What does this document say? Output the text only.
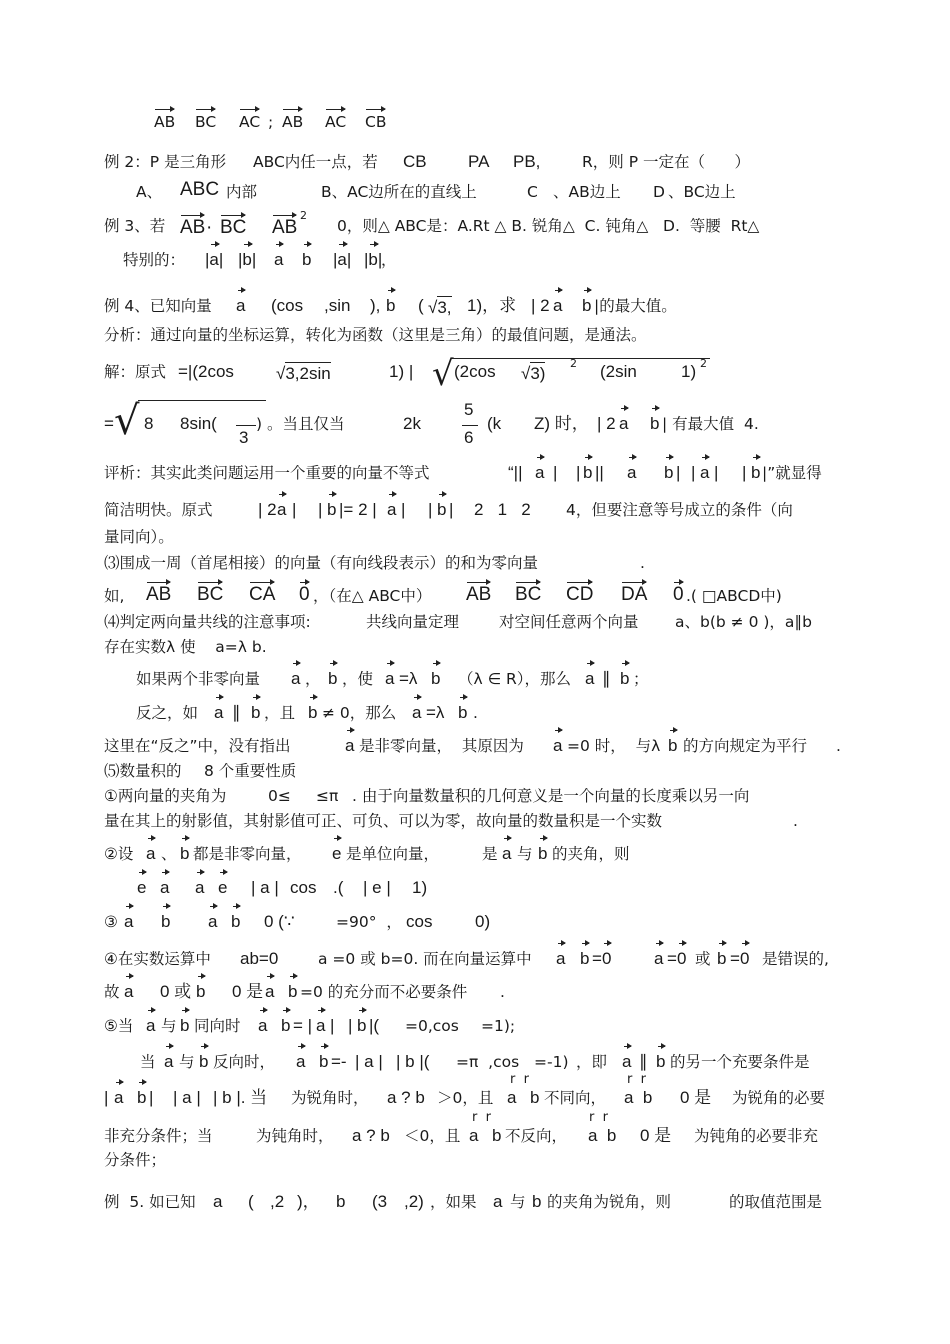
AB BC AC ; AB AC CB
例 2：P 是三角形 ABC内任一点，若 CB PA PB,	R，则 P 一定在（      ）
A、 ABC 内部	B、AC边所在的直线上	C 、AB边上 D 、BC边上
例 3、若 AB · BC AB
2
0，则△ ABC是：A.Rt △ B. 锐角△  C. 钝角△   D.  等腰  Rt△
特别的： |a| |b| a b |a| |b|
，
例 4、已知向量 a (cos ,sin ), b ( √3, 1)，求 | 2 a b |的最大值。
分析：通过向量的坐标运算，转化为函数（这里是三角）的最值问题，是通法。
解：原式 =|(2cos √3,2sin	1) | √ (2cos √3)
2 (2sin	1) 2
= √ 8 8sin(
3
) 。当且仅当	2k
5
6
(k Z) 时， | 2 a b | 有最大值  4.
评析：其实此类问题运用一个重要的向量不等式	“|| a | | b || a b | | a | | b |”就显得
简洁明快。原式	| 2 a | | b |= 2 | a | | b | 2   1   2 4，但要注意等号成立的条件（向
量同向）。
⑶围成一周（首尾相接）的向量（有向线段表示）的和为零向量	.
如, AB BC CA 0 ，（在△ ABC中） AB BC CD DA 0 .( □ABCD中)
⑷判定两向量共线的注意事项:	共线向量定理	对空间任意两个向量 a、b(b ≠ 0 )，a∥b
存在实数λ 使    a=λ b.
如果两个非零向量 a ， b ，使 a =λ b （λ ∈ R），那么 a ∥ b ；
反之，如 a ∥ b ，且 b ≠ 0，那么 a =λ b .
这里在“反之”中，没有指出	a 是非零向量，  其原因为 a =0 时，  与λ b 的方向规定为平行 .
⑸数量积的 8 个重要性质
①两向量的夹角为	0≤ ≤π . 由于向量数量积的几何意义是一个向量的长度乘以另一向
量在其上的射影值，其射影值可正、可负、可以为零，故向量的数量积是一个实数	.
②设 a 、 b 都是非零向量， e 是单位向量，	是 a 与 b 的夹角，则
e a a e | a | cos .( | e | 1)
③ a b a b 0 (∵	=90°  ， cos	0)
④在实数运算中 ab=0	a =0 或 b=0. 而在向量运算中 a b =0	a =0 或 b =0 是错误的,
故 a 0 或 b 0 是 a b =0 的充分而不必要条件 .
⑤当 a 与 b 同向时 a b = | a | | b |( =0,cos =1);
当 a 与 b 反向时， a b =- | a | | b |( =π  ,cos =-1) ，即 a ∥ b 的另一个充要条件是
r  r	r  r
| a b | | a | | b |. 当 为锐角时， a ? b ＞0，且 a b 不同向， a  b 0 是 为锐角的必要
r  r	r  r
非充分条件；当	为钝角时， a ? b ＜0，且 a b 不反向， a  b 0 是 为钝角的必要非充
分条件；
例  5. 如已知 a ( ,2 )， b (3 ,2) ，如果 a 与 b 的夹角为锐角，则	的取值范围是
